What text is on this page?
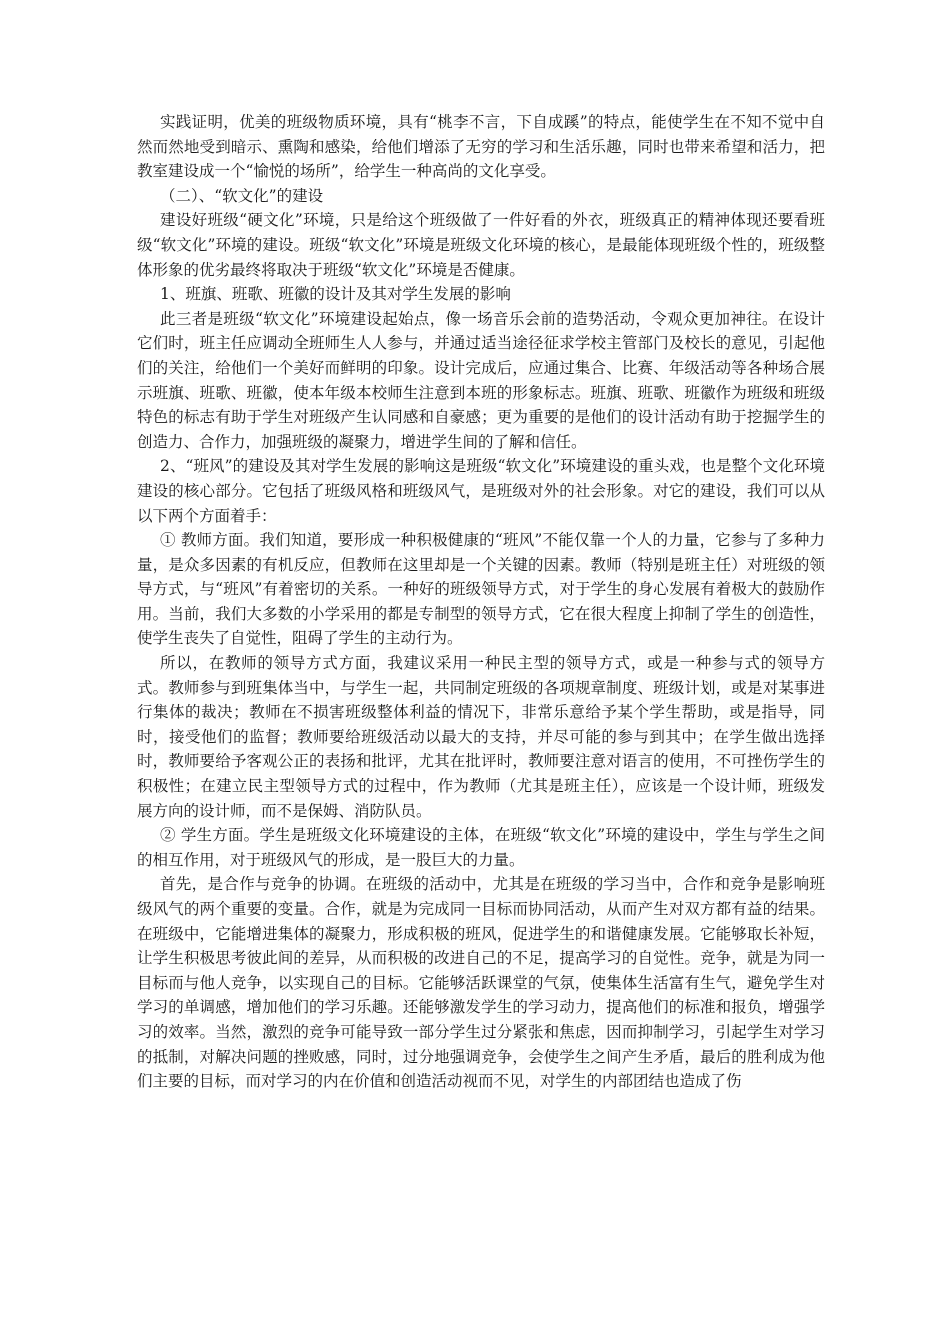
实践证明，优美的班级物质环境，具有“桃李不言，下自成蹊”的特点，能使学生在不知不觉中自然而然地受到暗示、熏陶和感染，给他们增添了无穷的学习和生活乐趣，同时也带来希望和活力，把教室建设成一个“愉悦的场所”，给学生一种高尚的文化享受。

（二）、“软文化”的建设

建设好班级“硬文化”环境，只是给这个班级做了一件好看的外衣，班级真正的精神体现还要看班级“软文化”环境的建设。班级“软文化”环境是班级文化环境的核心，是最能体现班级个性的，班级整体形象的优劣最终将取决于班级“软文化”环境是否健康。

1、班旗、班歌、班徽的设计及其对学生发展的影响

此三者是班级“软文化”环境建设起始点，像一场音乐会前的造势活动，令观众更加神往。在设计它们时，班主任应调动全班师生人人参与，并通过适当途径征求学校主管部门及校长的意见，引起他们的关注，给他们一个美好而鲜明的印象。设计完成后，应通过集合、比赛、年级活动等各种场合展示班旗、班歌、班徽，使本年级本校师生注意到本班的形象标志。班旗、班歌、班徽作为班级和班级特色的标志有助于学生对班级产生认同感和自豪感；更为重要的是他们的设计活动有助于挖掘学生的创造力、合作力，加强班级的凝聚力，增进学生间的了解和信任。

2、“班风”的建设及其对学生发展的影响这是班级“软文化”环境建设的重头戏，也是整个文化环境建设的核心部分。它包括了班级风格和班级风气，是班级对外的社会形象。对它的建设，我们可以从以下两个方面着手：

① 教师方面。我们知道，要形成一种积极健康的“班风”不能仅靠一个人的力量，它参与了多种力量，是众多因素的有机反应，但教师在这里却是一个关键的因素。教师（特别是班主任）对班级的领导方式，与“班风”有着密切的关系。一种好的班级领导方式，对于学生的身心发展有着极大的鼓励作用。当前，我们大多数的小学采用的都是专制型的领导方式，它在很大程度上抑制了学生的创造性，使学生丧失了自觉性，阻碍了学生的主动行为。

所以，在教师的领导方式方面，我建议采用一种民主型的领导方式，或是一种参与式的领导方式。教师参与到班集体当中，与学生一起，共同制定班级的各项规章制度、班级计划，或是对某事进行集体的裁决；教师在不损害班级整体利益的情况下，非常乐意给予某个学生帮助，或是指导，同时，接受他们的监督；教师要给班级活动以最大的支持，并尽可能的参与到其中；在学生做出选择时，教师要给予客观公正的表扬和批评，尤其在批评时，教师要注意对语言的使用，不可挫伤学生的积极性；在建立民主型领导方式的过程中，作为教师（尤其是班主任），应该是一个设计师，班级发展方向的设计师，而不是保姆、消防队员。

② 学生方面。学生是班级文化环境建设的主体，在班级“软文化”环境的建设中，学生与学生之间的相互作用，对于班级风气的形成，是一股巨大的力量。

首先，是合作与竞争的协调。在班级的活动中，尤其是在班级的学习当中，合作和竞争是影响班级风气的两个重要的变量。合作，就是为完成同一目标而协同活动，从而产生对双方都有益的结果。在班级中，它能增进集体的凝聚力，形成积极的班风，促进学生的和谐健康发展。它能够取长补短，让学生积极思考彼此间的差异，从而积极的改进自己的不足，提高学习的自觉性。竞争，就是为同一目标而与他人竞争，以实现自己的目标。它能够活跃课堂的气氛，使集体生活富有生气，避免学生对学习的单调感，增加他们的学习乐趣。还能够激发学生的学习动力，提高他们的标准和报负，增强学习的效率。当然，激烈的竞争可能导致一部分学生过分紧张和焦虑，因而抑制学习，引起学生对学习的抵制，对解决问题的挫败感，同时，过分地强调竞争，会使学生之间产生矛盾，最后的胜利成为他们主要的目标，而对学习的内在价值和创造活动视而不见，对学生的内部团结也造成了伤
